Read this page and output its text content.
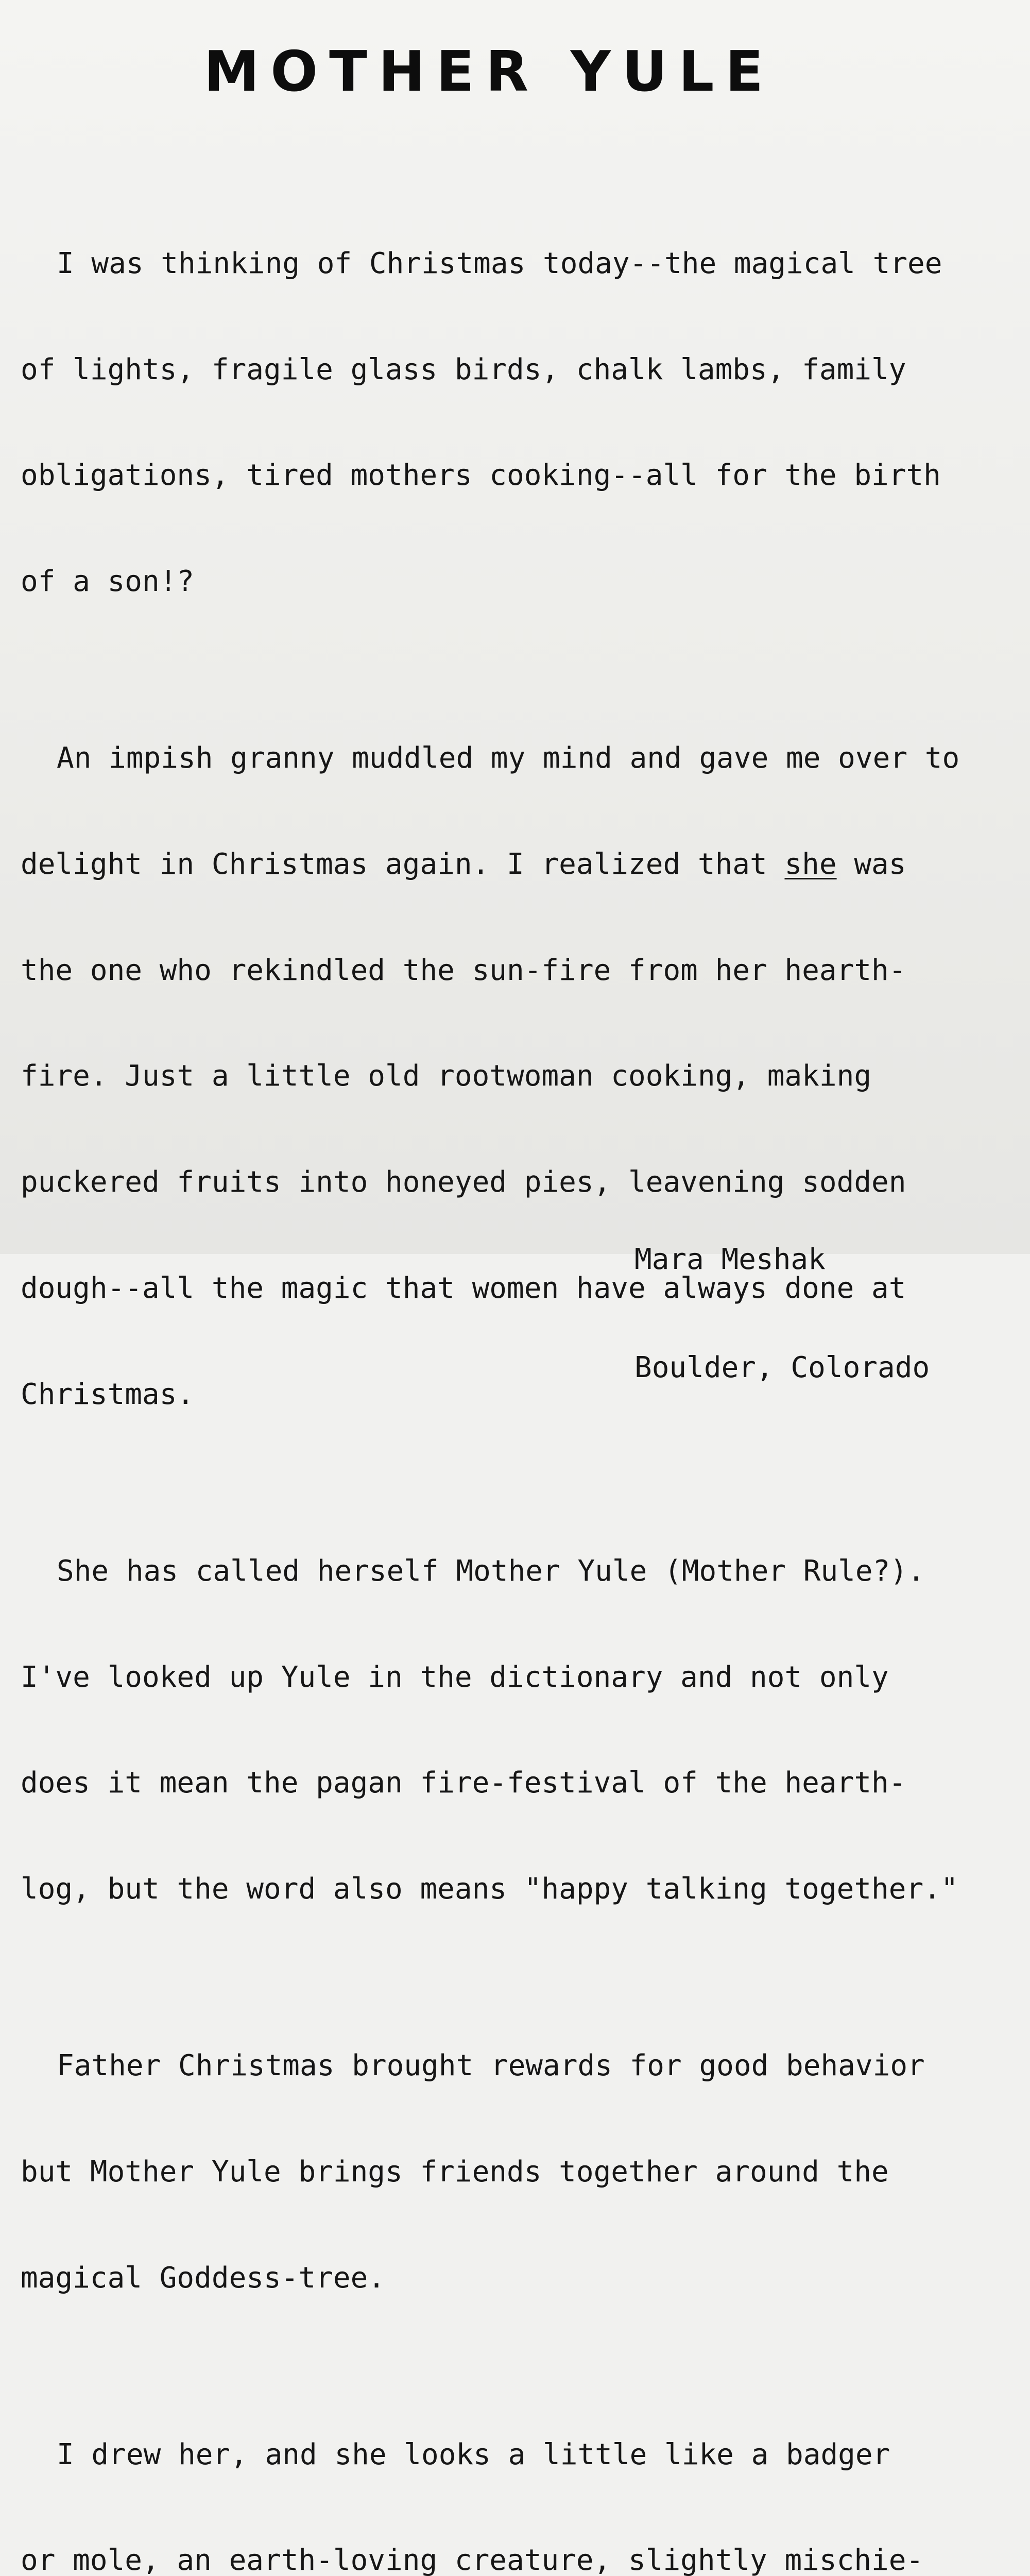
MOTHER YULE

I was thinking of Christmas today--the magical tree

of lights, fragile glass birds, chalk lambs, family

obligations, tired mothers cooking--all for the birth

of a son!?

An impish granny muddled my mind and gave me over to

delight in Christmas again. I realized that she was

the one who rekindled the sun-fire from her hearth-

fire. Just a little old rootwoman cooking, making

puckered fruits into honeyed pies, leavening sodden

dough--all the magic that women have always done at

Christmas.

She has called herself Mother Yule (Mother Rule?).

I've looked up Yule in the dictionary and not only

does it mean the pagan fire-festival of the hearth-

log, but the word also means "happy talking together."

Father Christmas brought rewards for good behavior

but Mother Yule brings friends together around the

magical Goddess-tree.

I drew her, and she looks a little like a badger

or mole, an earth-loving creature, slightly mischie-

Mara Meshak

Boulder, Colorado
